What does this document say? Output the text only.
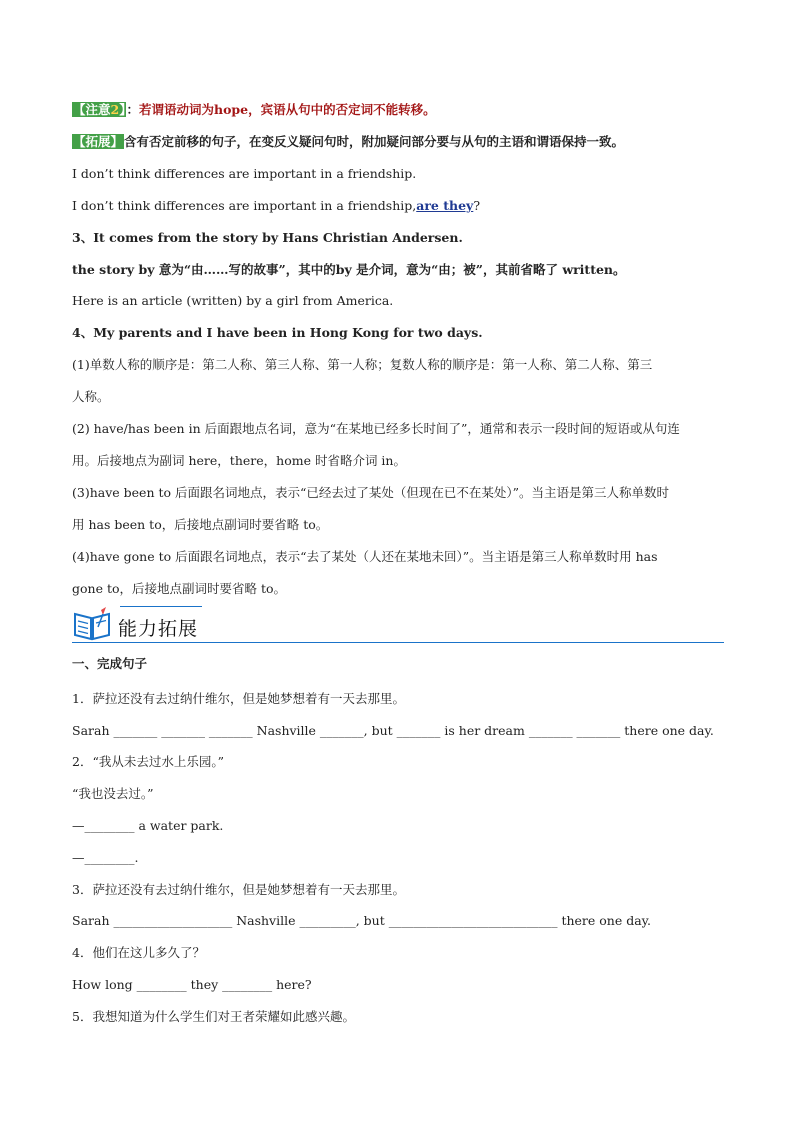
【注意2】：若谓语动词为hope，宾语从句中的否定词不能转移。
【拓展】含有否定前移的句子，在变反义疑问句时，附加疑问部分要与从句的主语和谓语保持一致。
I don’t think differences are important in a friendship.
I don’t think differences are important in a friendship,are they?
3、It comes from the story by Hans Christian Andersen.
the story by 意为“由……写的故事”，其中的by 是介词，意为“由；被”，其前省略了 written。
Here is an article (written) by a girl from America.
4、My parents and I have been in Hong Kong for two days.
(1)单数人称的顺序是：第二人称、第三人称、第一人称；复数人称的顺序是：第一人称、第二人称、第三
人称。
(2) have/has been in 后面跟地点名词，意为“在某地已经多长时间了”，通常和表示一段时间的短语或从句连
用。后接地点为副词 here，there，home 时省略介词 in。
(3)have been to 后面跟名词地点，表示“已经去过了某处（但现在已不在某处）”。当主语是第三人称单数时
用 has been to，后接地点副词时要省略 to。
(4)have gone to 后面跟名词地点，表示“去了某处（人还在某地未回）”。当主语是第三人称单数时用 has
gone to，后接地点副词时要省略 to。
能力拓展
一、完成句子
1．萨拉还没有去过纳什维尔，但是她梦想着有一天去那里。
Sarah _______ _______ _______ Nashville _______, but _______ is her dream _______ _______ there one day.
2．“我从未去过水上乐园。”
“我也没去过。”
—________ a water park.
—________.
3．萨拉还没有去过纳什维尔，但是她梦想着有一天去那里。
Sarah ___________________ Nashville _________, but ___________________________ there one day.
4．他们在这儿多久了？
How long ________ they ________ here?
5．我想知道为什么学生们对王者荣耀如此感兴趣。
